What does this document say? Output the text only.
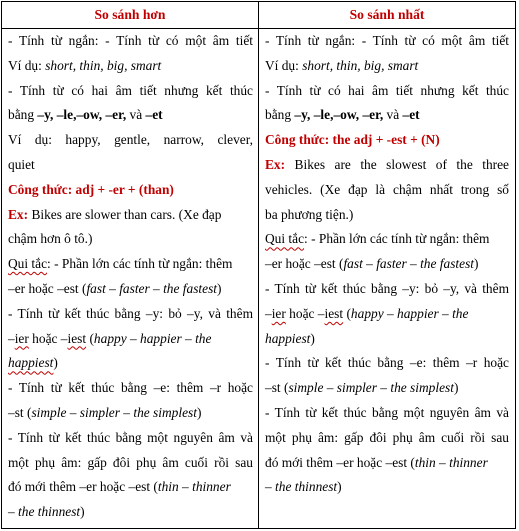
So sánh hơn	So sánh nhất
- Tính từ ngắn: - Tính từ có một âm tiết
Ví dụ: short, thin, big, smart
- Tính từ có hai âm tiết nhưng kết thúc
bằng –y, –le,–ow, –er, và –et
Ví dụ: happy, gentle, narrow, clever,
quiet
Công thức: adj + -er + (than)
Ex: Bikes are slower than cars. (Xe đạp
chậm hơn ô tô.)
Qui tắc: - Phần lớn các tính từ ngắn: thêm
–er hoặc –est (fast – faster – the fastest)
- Tính từ kết thúc bằng –y: bỏ –y, và thêm
–ier hoặc –iest (happy – happier – the
happiest)
- Tính từ kết thúc bằng –e: thêm –r hoặc
–st (simple – simpler – the simplest)
- Tính từ kết thúc bằng một nguyên âm và
một phụ âm: gấp đôi phụ âm cuối rồi sau
đó mới thêm –er hoặc –est (thin – thinner
– the thinnest)
- Tính từ ngắn: - Tính từ có một âm tiết
Ví dụ: short, thin, big, smart
- Tính từ có hai âm tiết nhưng kết thúc
bằng –y, –le,–ow, –er, và –et
Công thức: the adj + -est + (N)
Ex: Bikes are the slowest of the three
vehicles. (Xe đạp là chậm nhất trong số
ba phương tiện.)
Qui tắc: - Phần lớn các tính từ ngắn: thêm
–er hoặc –est (fast – faster – the fastest)
- Tính từ kết thúc bằng –y: bỏ –y, và thêm
–ier hoặc –iest (happy – happier – the
happiest)
- Tính từ kết thúc bằng –e: thêm –r hoặc
–st (simple – simpler – the simplest)
- Tính từ kết thúc bằng một nguyên âm và
một phụ âm: gấp đôi phụ âm cuối rồi sau
đó mới thêm –er hoặc –est (thin – thinner
– the thinnest)
